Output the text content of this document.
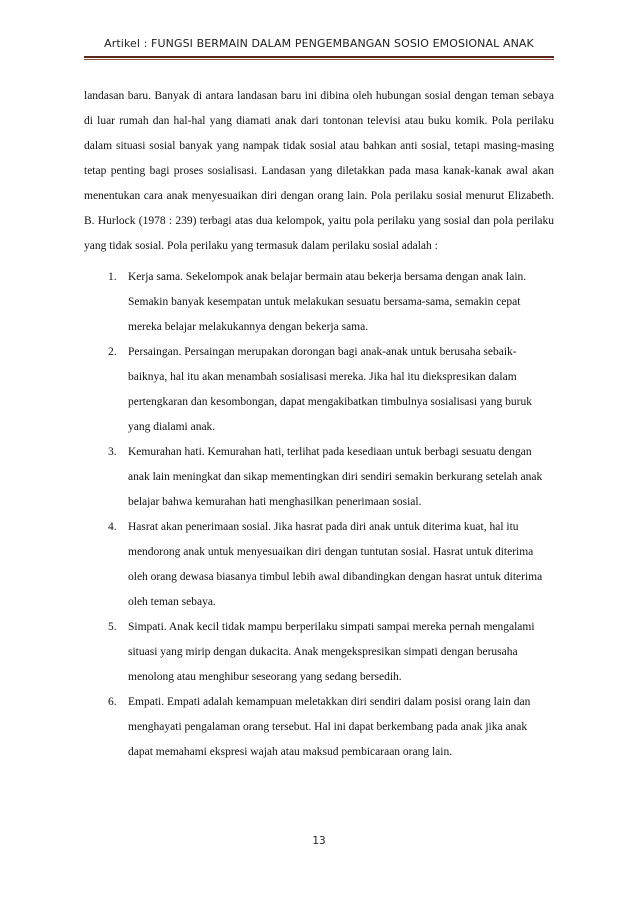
Artikel : FUNGSI BERMAIN DALAM PENGEMBANGAN SOSIO EMOSIONAL ANAK

landasan baru. Banyak di antara landasan baru ini dibina oleh hubungan sosial dengan teman sebaya di luar rumah dan hal-hal yang diamati anak dari tontonan televisi atau buku komik. Pola perilaku dalam situasi sosial banyak yang nampak tidak sosial atau bahkan anti sosial, tetapi masing-masing tetap penting bagi proses sosialisasi. Landasan yang diletakkan pada masa kanak-kanak awal akan menentukan cara anak menyesuaikan diri dengan orang lain. Pola perilaku sosial menurut Elizabeth. B. Hurlock (1978 : 239) terbagi atas dua kelompok, yaitu pola perilaku yang sosial dan pola perilaku yang tidak sosial. Pola perilaku yang termasuk dalam perilaku sosial adalah :

1. Kerja sama. Sekelompok anak belajar bermain atau bekerja bersama dengan anak lain. Semakin banyak kesempatan untuk melakukan sesuatu bersama-sama, semakin cepat mereka belajar melakukannya dengan bekerja sama.
2. Persaingan. Persaingan merupakan dorongan bagi anak-anak untuk berusaha sebaik-baiknya, hal itu akan menambah sosialisasi mereka. Jika hal itu diekspresikan dalam pertengkaran dan kesombongan, dapat mengakibatkan timbulnya sosialisasi yang buruk yang dialami anak.
3. Kemurahan hati. Kemurahan hati, terlihat pada kesediaan untuk berbagi sesuatu dengan anak lain meningkat dan sikap mementingkan diri sendiri semakin berkurang setelah anak belajar bahwa kemurahan hati menghasilkan penerimaan sosial.
4. Hasrat akan penerimaan sosial. Jika hasrat pada diri anak untuk diterima kuat, hal itu mendorong anak untuk menyesuaikan diri dengan tuntutan sosial. Hasrat untuk diterima oleh orang dewasa biasanya timbul lebih awal dibandingkan dengan hasrat untuk diterima oleh teman sebaya.
5. Simpati. Anak kecil tidak mampu berperilaku simpati sampai mereka pernah mengalami situasi yang mirip dengan dukacita. Anak mengekspresikan simpati dengan berusaha menolong atau menghibur seseorang yang sedang bersedih.
6. Empati. Empati adalah kemampuan meletakkan diri sendiri dalam posisi orang lain dan menghayati pengalaman orang tersebut. Hal ini dapat berkembang pada anak jika anak dapat memahami ekspresi wajah atau maksud pembicaraan orang lain.
13
